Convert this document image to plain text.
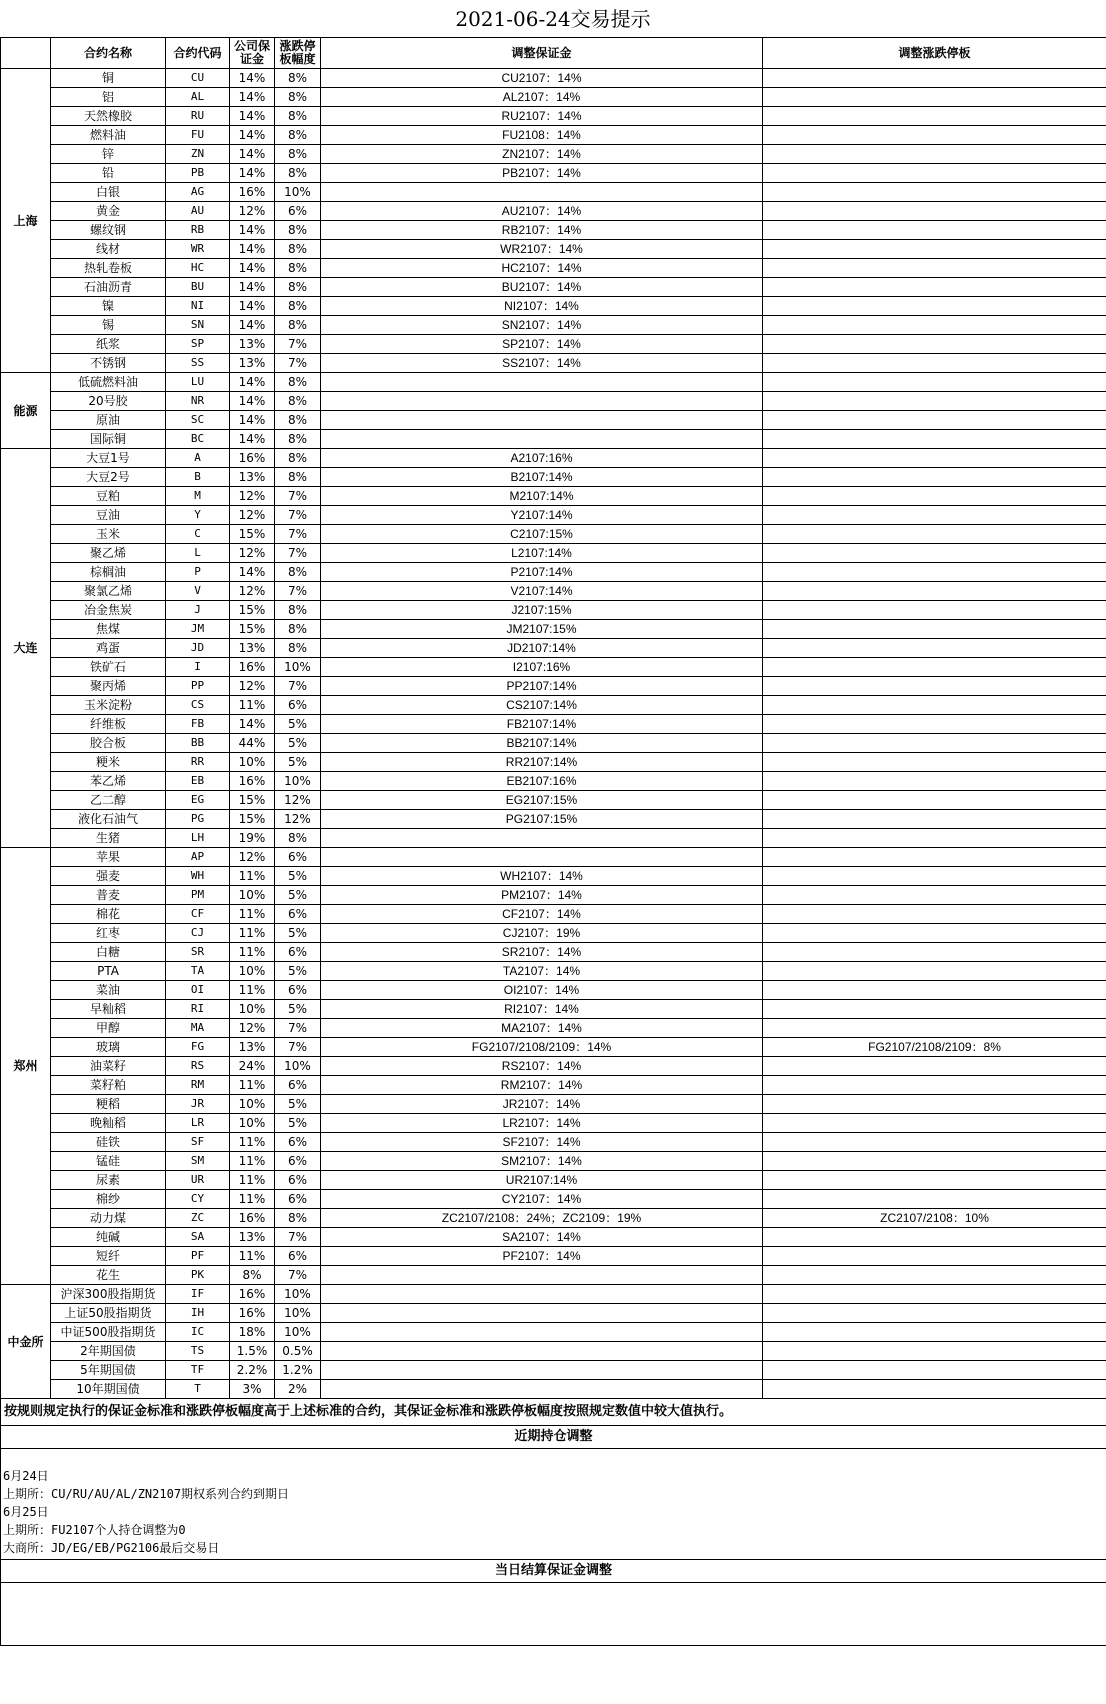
2021-06-24交易提示
	合约名称	合约代码	公司保证金	涨跌停板幅度	调整保证金	调整涨跌停板
上海	铜	CU	14%	8%	CU2107：14%	
	铝	AL	14%	8%	AL2107：14%	
	天然橡胶	RU	14%	8%	RU2107：14%	
	燃料油	FU	14%	8%	FU2108：14%	
	锌	ZN	14%	8%	ZN2107：14%	
	铅	PB	14%	8%	PB2107：14%	
	白银	AG	16%	10%		
	黄金	AU	12%	6%	AU2107：14%	
	螺纹钢	RB	14%	8%	RB2107：14%	
	线材	WR	14%	8%	WR2107：14%	
	热轧卷板	HC	14%	8%	HC2107：14%	
	石油沥青	BU	14%	8%	BU2107：14%	
	镍	NI	14%	8%	NI2107：14%	
	锡	SN	14%	8%	SN2107：14%	
	纸浆	SP	13%	7%	SP2107：14%	
	不锈钢	SS	13%	7%	SS2107：14%	
能源	低硫燃料油	LU	14%	8%		
	20号胶	NR	14%	8%		
	原油	SC	14%	8%		
	国际铜	BC	14%	8%		
大连	大豆1号	A	16%	8%	A2107:16%	
	大豆2号	B	13%	8%	B2107:14%	
	豆粕	M	12%	7%	M2107:14%	
	豆油	Y	12%	7%	Y2107:14%	
	玉米	C	15%	7%	C2107:15%	
	聚乙烯	L	12%	7%	L2107:14%	
	棕榈油	P	14%	8%	P2107:14%	
	聚氯乙烯	V	12%	7%	V2107:14%	
	冶金焦炭	J	15%	8%	J2107:15%	
	焦煤	JM	15%	8%	JM2107:15%	
	鸡蛋	JD	13%	8%	JD2107:14%	
	铁矿石	I	16%	10%	I2107:16%	
	聚丙烯	PP	12%	7%	PP2107:14%	
	玉米淀粉	CS	11%	6%	CS2107:14%	
	纤维板	FB	14%	5%	FB2107:14%	
	胶合板	BB	44%	5%	BB2107:14%	
	粳米	RR	10%	5%	RR2107:14%	
	苯乙烯	EB	16%	10%	EB2107:16%	
	乙二醇	EG	15%	12%	EG2107:15%	
	液化石油气	PG	15%	12%	PG2107:15%	
	生猪	LH	19%	8%		
郑州	苹果	AP	12%	6%		
	强麦	WH	11%	5%	WH2107：14%	
	普麦	PM	10%	5%	PM2107：14%	
	棉花	CF	11%	6%	CF2107：14%	
	红枣	CJ	11%	5%	CJ2107：19%	
	白糖	SR	11%	6%	SR2107：14%	
	PTA	TA	10%	5%	TA2107：14%	
	菜油	OI	11%	6%	OI2107：14%	
	早籼稻	RI	10%	5%	RI2107：14%	
	甲醇	MA	12%	7%	MA2107：14%	
	玻璃	FG	13%	7%	FG2107/2108/2109：14%	FG2107/2108/2109：8%
	油菜籽	RS	24%	10%	RS2107：14%	
	菜籽粕	RM	11%	6%	RM2107：14%	
	粳稻	JR	10%	5%	JR2107：14%	
	晚籼稻	LR	10%	5%	LR2107：14%	
	硅铁	SF	11%	6%	SF2107：14%	
	锰硅	SM	11%	6%	SM2107：14%	
	尿素	UR	11%	6%	UR2107:14%	
	棉纱	CY	11%	6%	CY2107：14%	
	动力煤	ZC	16%	8%	ZC2107/2108：24%；ZC2109：19%	ZC2107/2108：10%
	纯碱	SA	13%	7%	SA2107：14%	
	短纤	PF	11%	6%	PF2107：14%	
	花生	PK	8%	7%		
中金所	沪深300股指期货	IF	16%	10%		
	上证50股指期货	IH	16%	10%		
	中证500股指期货	IC	18%	10%		
	2年期国债	TS	1.5%	0.5%		
	5年期国债	TF	2.2%	1.2%		
	10年期国债	T	3%	2%		
按规则规定执行的保证金标准和涨跌停板幅度高于上述标准的合约，其保证金标准和涨跌停板幅度按照规定数值中较大值执行。						
近期持仓调整						

6月24日
上期所：CU/RU/AU/AL/ZN2107期权系列合约到期日
6月25日
上期所：FU2107个人持仓调整为0
大商所：JD/EG/EB/PG2106最后交易日						

当日结算保证金调整						
